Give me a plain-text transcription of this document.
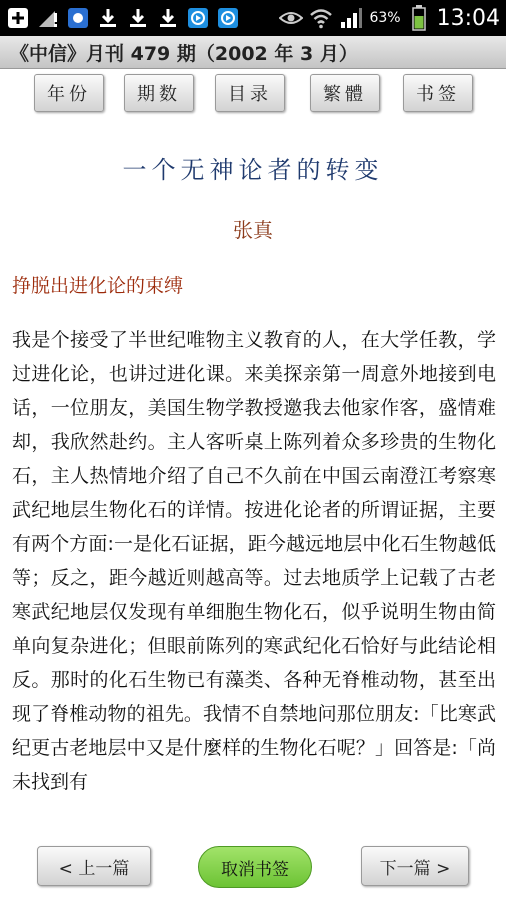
63% 13:04
《中信》月刊 479 期（2002 年 3 月）
年份	期数	目录	繁體	书签
一个无神论者的转变
张真
挣脱出进化论的束缚
我是个接受了半世纪唯物主义教育的人，在大学任教，学过进化论，也讲过进化课。来美探亲第一周意外地接到电话，一位朋友，美国生物学教授邀我去他家作客，盛情难却，我欣然赴约。主人客听桌上陈列着众多珍贵的生物化石，主人热情地介绍了自己不久前在中国云南澄江考察寒武纪地层生物化石的详情。按进化论者的所谓证据，主要有两个方面:一是化石证据，距今越远地层中化石生物越低等；反之，距今越近则越高等。过去地质学上记载了古老寒武纪地层仅发现有单细胞生物化石，似乎说明生物由简单向复杂进化；但眼前陈列的寒武纪化石恰好与此结论相反。那时的化石生物已有藻类、各种无脊椎动物，甚至出现了脊椎动物的祖先。我情不自禁地问那位朋友:「比寒武纪更古老地层中又是什麼样的生物化石呢？」回答是:「尚未找到有
< 上一篇	取消书签	下一篇 >
